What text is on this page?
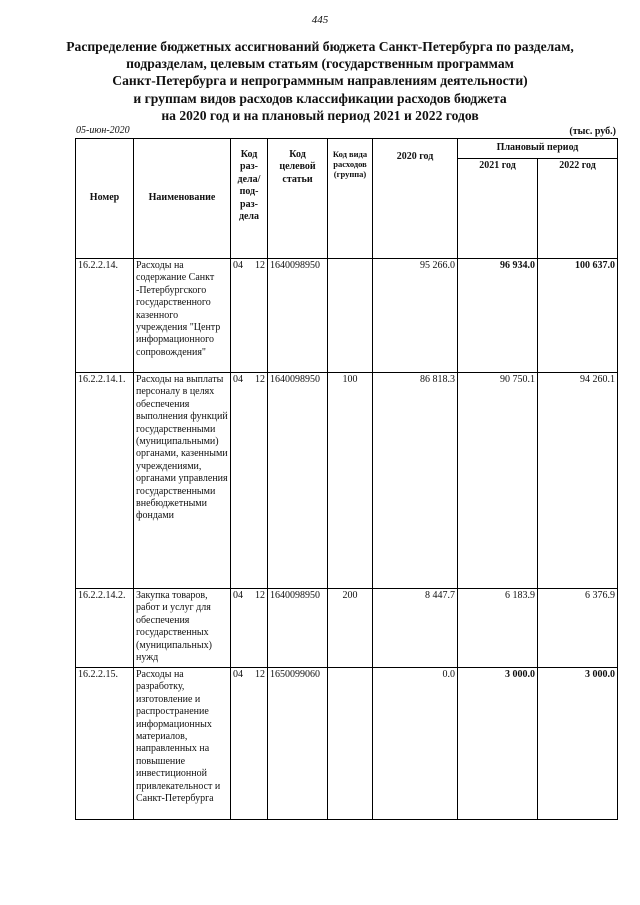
445
Распределение бюджетных ассигнований бюджета Санкт-Петербурга по разделам,
подразделам, целевым статьям (государственным программам
Санкт-Петербурга и непрограммным направлениям деятельности)
и группам видов расходов классификации расходов бюджета
на 2020 год и на плановый период 2021 и 2022 годов
05-июн-2020	(тыс. руб.)
Номер	Наименование	Код раз-дела/ под-раз-дела	Код целевой статьи	Код вида расходов (группа)	2020 год	Плановый период	
						2021 год	2022 год
16.2.2.14.	Расходы на содержание Санкт -Петербургского государственного казенного учреждения "Центр информационного сопровождения"	04 12	1640098950		95 266.0	96 934.0	100 637.0
16.2.2.14.1.	Расходы на выплаты персоналу в целях обеспечения выполнения функций государственными (муниципальными) органами, казенными учреждениями, органами управления государственными внебюджетными фондами	04 12	1640098950	100	86 818.3	90 750.1	94 260.1
16.2.2.14.2.	Закупка товаров, работ и услуг для обеспечения государственных (муниципальных) нужд	04 12	1640098950	200	8 447.7	6 183.9	6 376.9
16.2.2.15.	Расходы на разработку, изготовление и распространение информационных материалов, направленных на повышение инвестиционной привлекательност и Санкт-Петербурга	04 12	1650099060		0.0	3 000.0	3 000.0
